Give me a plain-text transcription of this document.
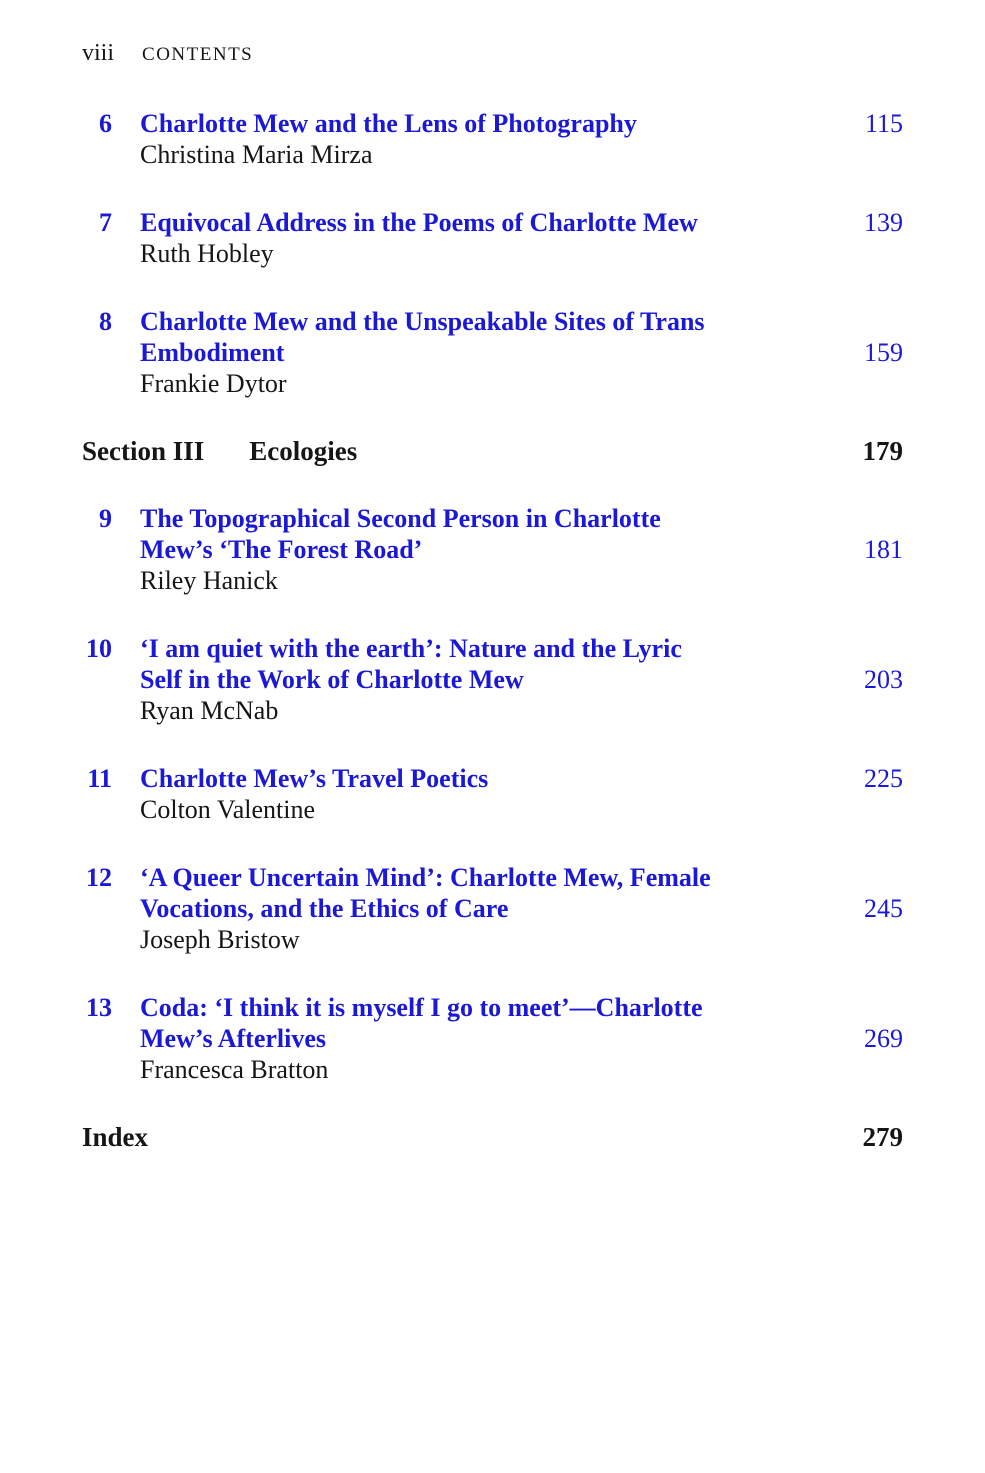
viii CONTENTS
6 Charlotte Mew and the Lens of Photography	115
Christina Maria Mirza
7 Equivocal Address in the Poems of Charlotte Mew	139
Ruth Hobley
8 Charlotte Mew and the Unspeakable Sites of Trans
Embodiment	159
Frankie Dytor
Section III Ecologies	179
9 The Topographical Second Person in Charlotte
Mew’s ‘The Forest Road’	181
Riley Hanick
10 ‘I am quiet with the earth’: Nature and the Lyric
Self in the Work of Charlotte Mew	203
Ryan McNab
11 Charlotte Mew’s Travel Poetics	225
Colton Valentine
12 ‘A Queer Uncertain Mind’: Charlotte Mew, Female
Vocations, and the Ethics of Care	245
Joseph Bristow
13 Coda: ‘I think it is myself I go to meet’—Charlotte
Mew’s Afterlives	269
Francesca Bratton
Index	279
